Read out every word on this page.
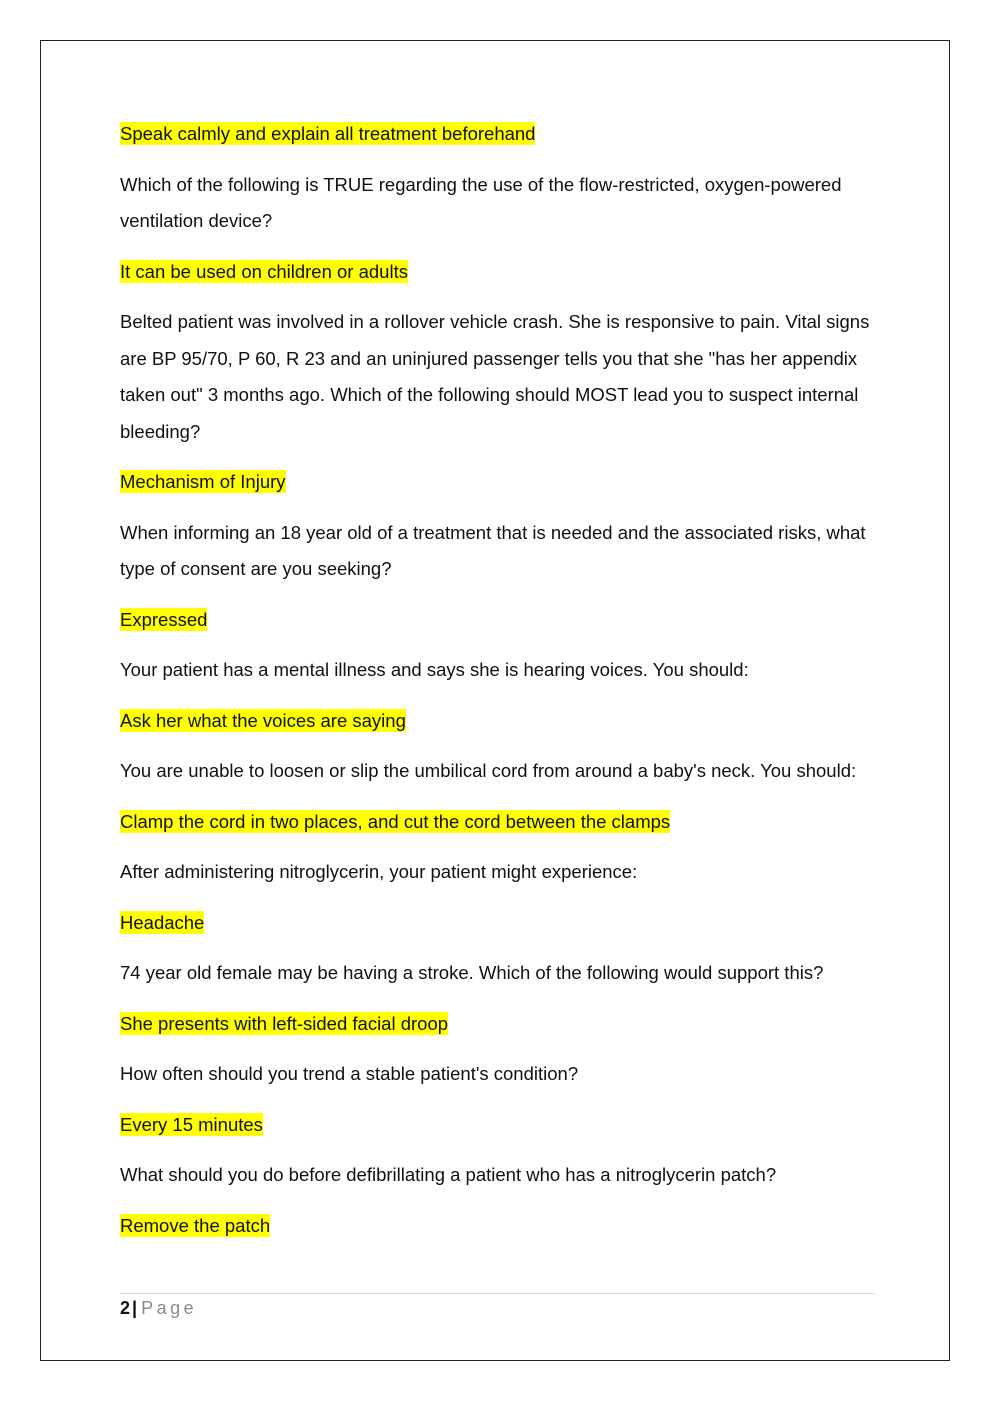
Speak calmly and explain all treatment beforehand

Which of the following is TRUE regarding the use of the flow-restricted, oxygen-powered ventilation device?

It can be used on children or adults

Belted patient was involved in a rollover vehicle crash. She is responsive to pain. Vital signs are BP 95/70, P 60, R 23 and an uninjured passenger tells you that she "has her appendix taken out" 3 months ago. Which of the following should MOST lead you to suspect internal bleeding?

Mechanism of Injury

When informing an 18 year old of a treatment that is needed and the associated risks, what type of consent are you seeking?

Expressed

Your patient has a mental illness and says she is hearing voices. You should:

Ask her what the voices are saying

You are unable to loosen or slip the umbilical cord from around a baby's neck. You should:

Clamp the cord in two places, and cut the cord between the clamps

After administering nitroglycerin, your patient might experience:

Headache

74 year old female may be having a stroke. Which of the following would support this?

She presents with left-sided facial droop

How often should you trend a stable patient's condition?

Every 15 minutes

What should you do before defibrillating a patient who has a nitroglycerin patch?

Remove the patch

2 | Page
